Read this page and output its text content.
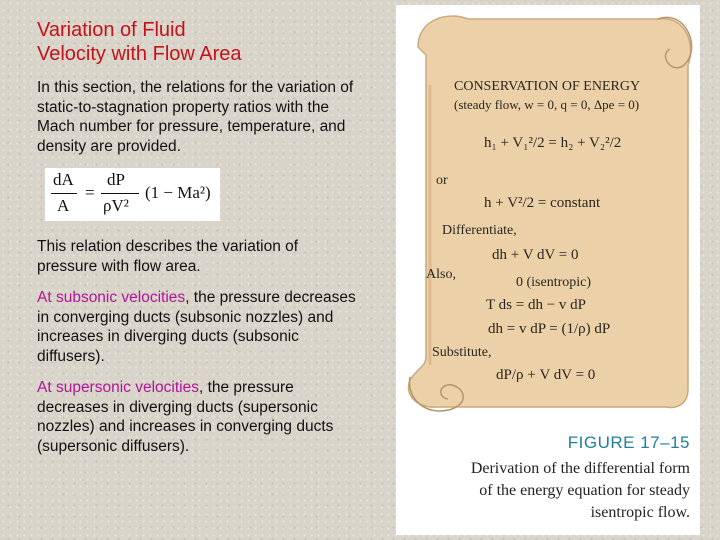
Variation of Fluid
Velocity with Flow Area

In this section, the relations for the variation of static-to-stagnation property ratios with the Mach number for pressure, temperature, and density are provided.

dA
A
=
dP
ρV²
(1 − Ma²)

This relation describes the variation of pressure with flow area.

At subsonic velocities, the pressure decreases in converging ducts (subsonic nozzles) and increases in diverging ducts (subsonic diffusers).

At supersonic velocities, the pressure decreases in diverging ducts (supersonic nozzles) and increases in converging ducts (supersonic diffusers).

CONSERVATION OF ENERGY
(steady flow, w = 0, q = 0, Δpe = 0)
h₁ + V₁²/2 = h₂ + V₂²/2
or
h + V²/2 = constant
Differentiate,
dh + V dV = 0
Also,
0 (isentropic)
T ds = dh − v dP
dh = v dP = (1/ρ) dP
Substitute,
dP/ρ + V dV = 0
FIGURE 17–15
Derivation of the differential form
of the energy equation for steady
isentropic flow.
